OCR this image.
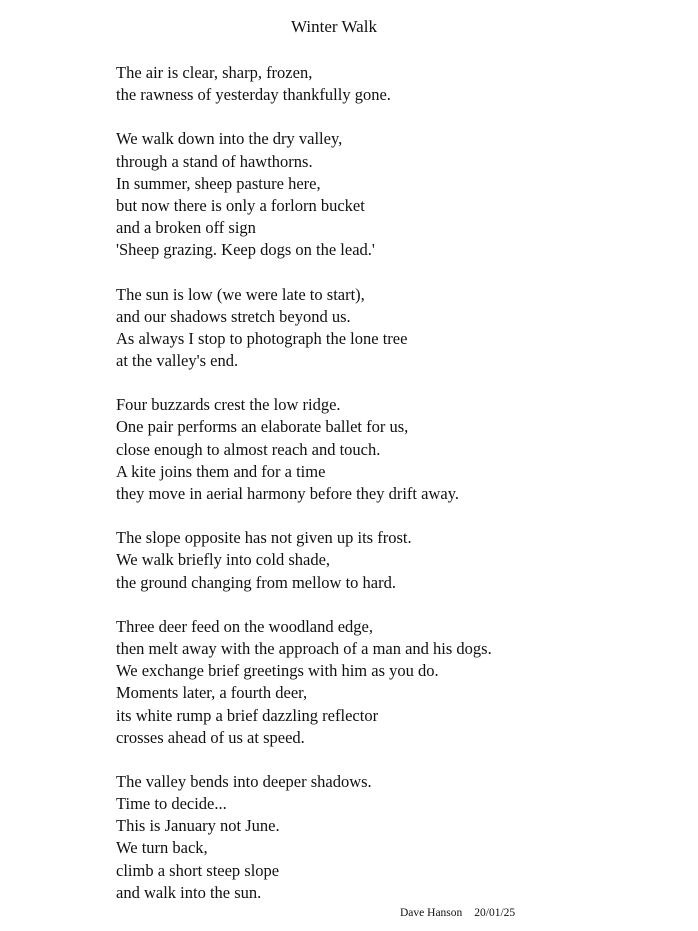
Winter Walk
The air is clear, sharp, frozen,
the rawness of yesterday thankfully gone.
We walk down into the dry valley,
through a stand of hawthorns.
In summer, sheep pasture here,
but now there is only a forlorn bucket
and a broken off sign
'Sheep grazing. Keep dogs on the lead.'
The sun is low (we were late to start),
and our shadows stretch beyond us.
As always I stop to photograph the lone tree
at the valley's end.
Four buzzards crest the low ridge.
One pair performs an elaborate ballet for us,
close enough to almost reach and touch.
A kite joins them and for a time
they move in aerial harmony before they drift away.
The slope opposite has not given up its frost.
We walk briefly into cold shade,
the ground changing from mellow to hard.
Three deer feed on the woodland edge,
then melt away with the approach of a man and his dogs.
We exchange brief greetings with him as you do.
Moments later, a fourth deer,
its white rump a brief dazzling reflector
crosses ahead of us at speed.
The valley bends into deeper shadows.
Time to decide...
This is January not June.
We turn back,
climb a short steep slope
and walk into the sun.
Dave Hanson 20/01/25
